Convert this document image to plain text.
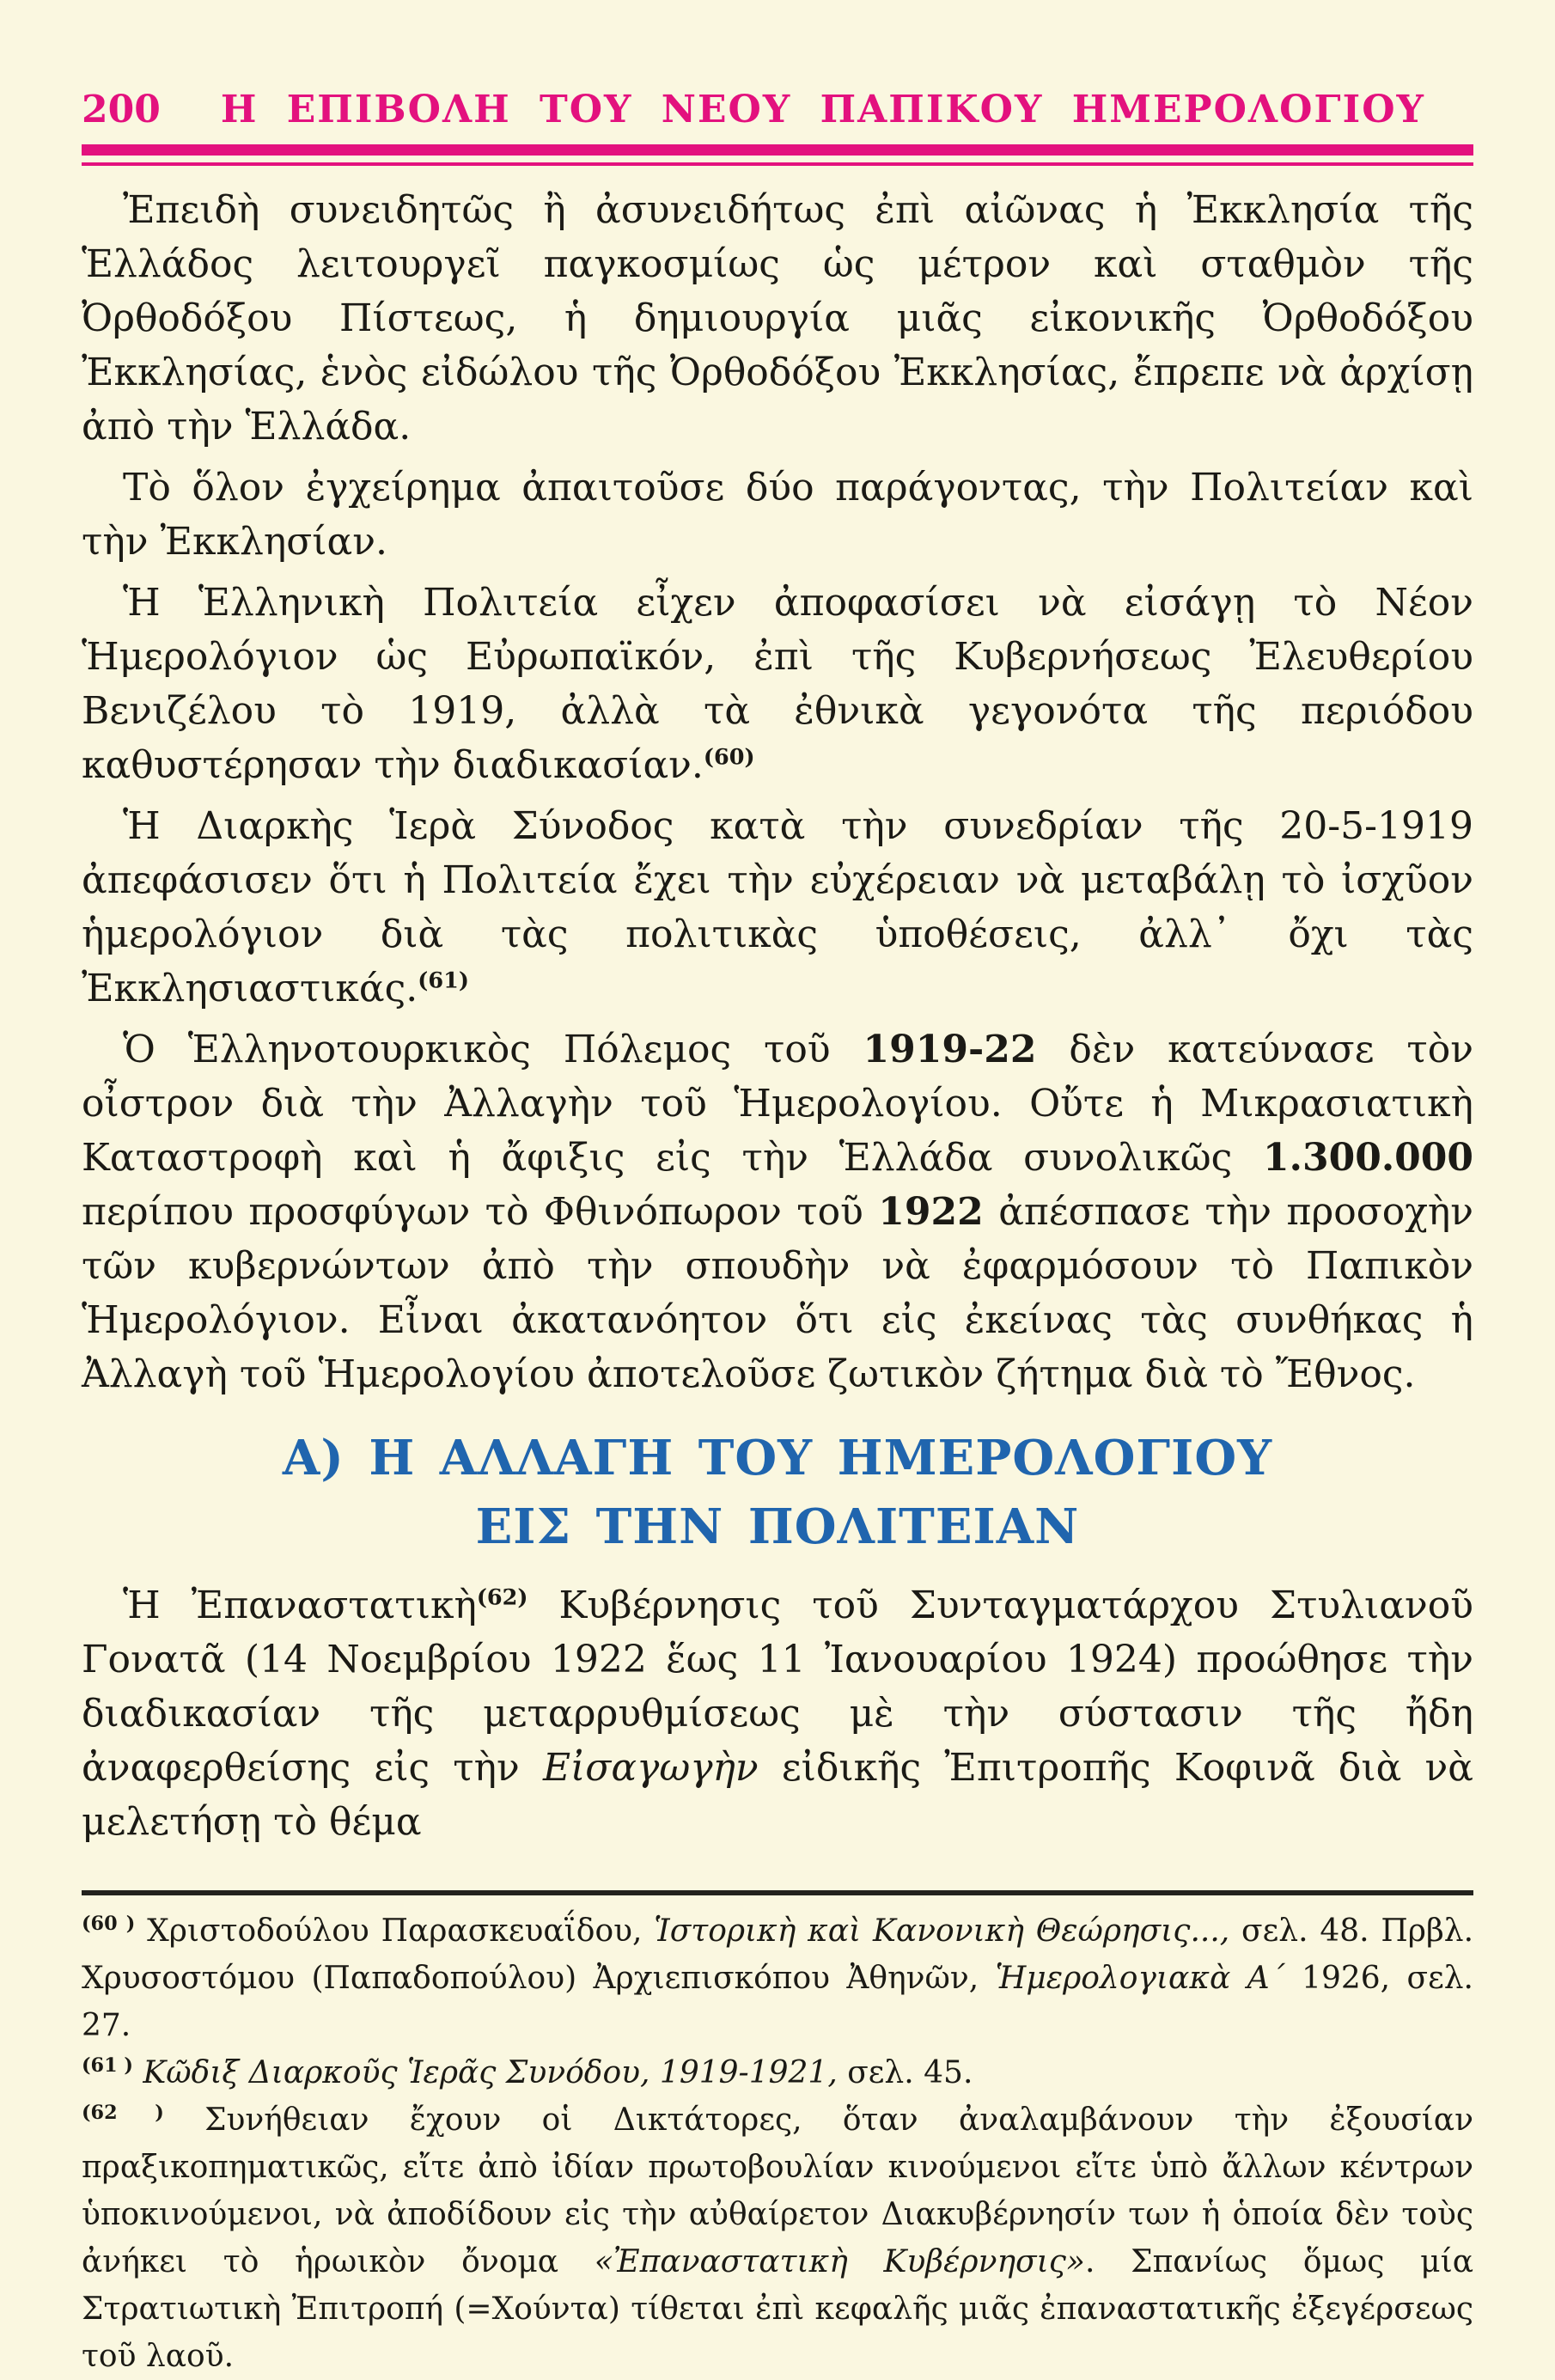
200 Η ΕΠΙΒΟΛΗ ΤΟΥ ΝΕΟΥ ΠΑΠΙΚΟΥ ΗΜΕΡΟΛΟΓΙΟΥ

Ἐπειδὴ συνειδητῶς ἢ ἀσυνειδήτως ἐπὶ αἰῶνας ἡ Ἐκκλησία τῆς Ἑλλάδος λειτουργεῖ παγκοσμίως ὡς μέτρον καὶ σταθμὸν τῆς Ὀρθοδόξου Πίστεως, ἡ δημιουργία μιᾶς εἰκονικῆς Ὀρθοδόξου Ἐκκλησίας, ἑνὸς εἰδώλου τῆς Ὀρθοδόξου Ἐκκλησίας, ἔπρεπε νὰ ἀρχίσῃ ἀπὸ τὴν Ἑλλάδα.

Τὸ ὅλον ἐγχείρημα ἀπαιτοῦσε δύο παράγοντας, τὴν Πολιτείαν καὶ τὴν Ἐκκλησίαν.

Ἡ Ἑλληνικὴ Πολιτεία εἶχεν ἀποφασίσει νὰ εἰσάγῃ τὸ Νέον Ἡμερολόγιον ὡς Εὐρωπαϊκόν, ἐπὶ τῆς Κυβερνήσεως Ἐλευθερίου Βενιζέλου τὸ 1919, ἀλλὰ τὰ ἐθνικὰ γεγονότα τῆς περιόδου καθυστέρησαν τὴν διαδικασίαν.$^{(60)}$

Ἡ Διαρκὴς Ἱερὰ Σύνοδος κατὰ τὴν συνεδρίαν τῆς 20-5-1919 ἀπεφάσισεν ὅτι ἡ Πολιτεία ἔχει τὴν εὐχέρειαν νὰ μεταβάλῃ τὸ ἰσχῦον ἡμερολόγιον διὰ τὰς πολιτικὰς ὑποθέσεις, ἀλλ᾽ ὄχι τὰς Ἐκκλησιαστικάς.$^{(61)}$

Ὁ Ἑλληνοτουρκικὸς Πόλεμος τοῦ 1919-22 δὲν κατεύνασε τὸν οἶστρον διὰ τὴν Ἀλλαγὴν τοῦ Ἡμερολογίου. Οὔτε ἡ Μικρασιατικὴ Καταστροφὴ καὶ ἡ ἄφιξις εἰς τὴν Ἑλλάδα συνολικῶς 1.300.000 περίπου προσφύγων τὸ Φθινόπωρον τοῦ 1922 ἀπέσπασε τὴν προσοχὴν τῶν κυβερνώντων ἀπὸ τὴν σπουδὴν νὰ ἐφαρμόσουν τὸ Παπικὸν Ἡμερολόγιον. Εἶναι ἀκατανόητον ὅτι εἰς ἐκείνας τὰς συνθήκας ἡ Ἀλλαγὴ τοῦ Ἡμερολογίου ἀποτελοῦσε ζωτικὸν ζήτημα διὰ τὸ Ἔθνος.

Α) Η ΑΛΛΑΓΗ ΤΟΥ ΗΜΕΡΟΛΟΓΙΟΥ
ΕΙΣ ΤΗΝ ΠΟΛΙΤΕΙΑΝ

Ἡ Ἐπαναστατικὴ$^{(62)}$ Κυβέρνησις τοῦ Συνταγματάρχου Στυλιανοῦ Γονατᾶ (14 Νοεμβρίου 1922 ἕως 11 Ἰανουαρίου 1924) προώθησε τὴν διαδικασίαν τῆς μεταρρυθμίσεως μὲ τὴν σύστασιν τῆς ἤδη ἀναφερθείσης εἰς τὴν Εἰσαγωγὴν εἰδικῆς Ἐπιτροπῆς Κοφινᾶ διὰ νὰ μελετήσῃ τὸ θέμα

$^{(60 )}$ Χριστοδούλου Παρασκευαΐδου, Ἱστορικὴ καὶ Κανονικὴ Θεώρησις..., σελ. 48. Πρβλ. Χρυσοστόμου (Παπαδοπούλου) Ἀρχιεπισκόπου Ἀθηνῶν, Ἡμερολογιακὰ Α´ 1926, σελ. 27.

$^{(61 )}$ Κῶδιξ Διαρκοῦς Ἱερᾶς Συνόδου, 1919-1921, σελ. 45.

$^{(62 )}$ Συνήθειαν ἔχουν οἱ Δικτάτορες, ὅταν ἀναλαμβάνουν τὴν ἐξουσίαν πραξικοπηματικῶς, εἴτε ἀπὸ ἰδίαν πρωτοβουλίαν κινούμενοι εἴτε ὑπὸ ἄλλων κέντρων ὑποκινούμενοι, νὰ ἀποδίδουν εἰς τὴν αὐθαίρετον Διακυβέρνησίν των ἡ ὁποία δὲν τοὺς ἀνήκει τὸ ἡρωικὸν ὄνομα «Ἐπαναστατικὴ Κυβέρνησις». Σπανίως ὅμως μία Στρατιωτικὴ Ἐπιτροπή (=Χούντα) τίθεται ἐπὶ κεφαλῆς μιᾶς ἐπαναστατικῆς ἐξεγέρσεως τοῦ λαοῦ.
